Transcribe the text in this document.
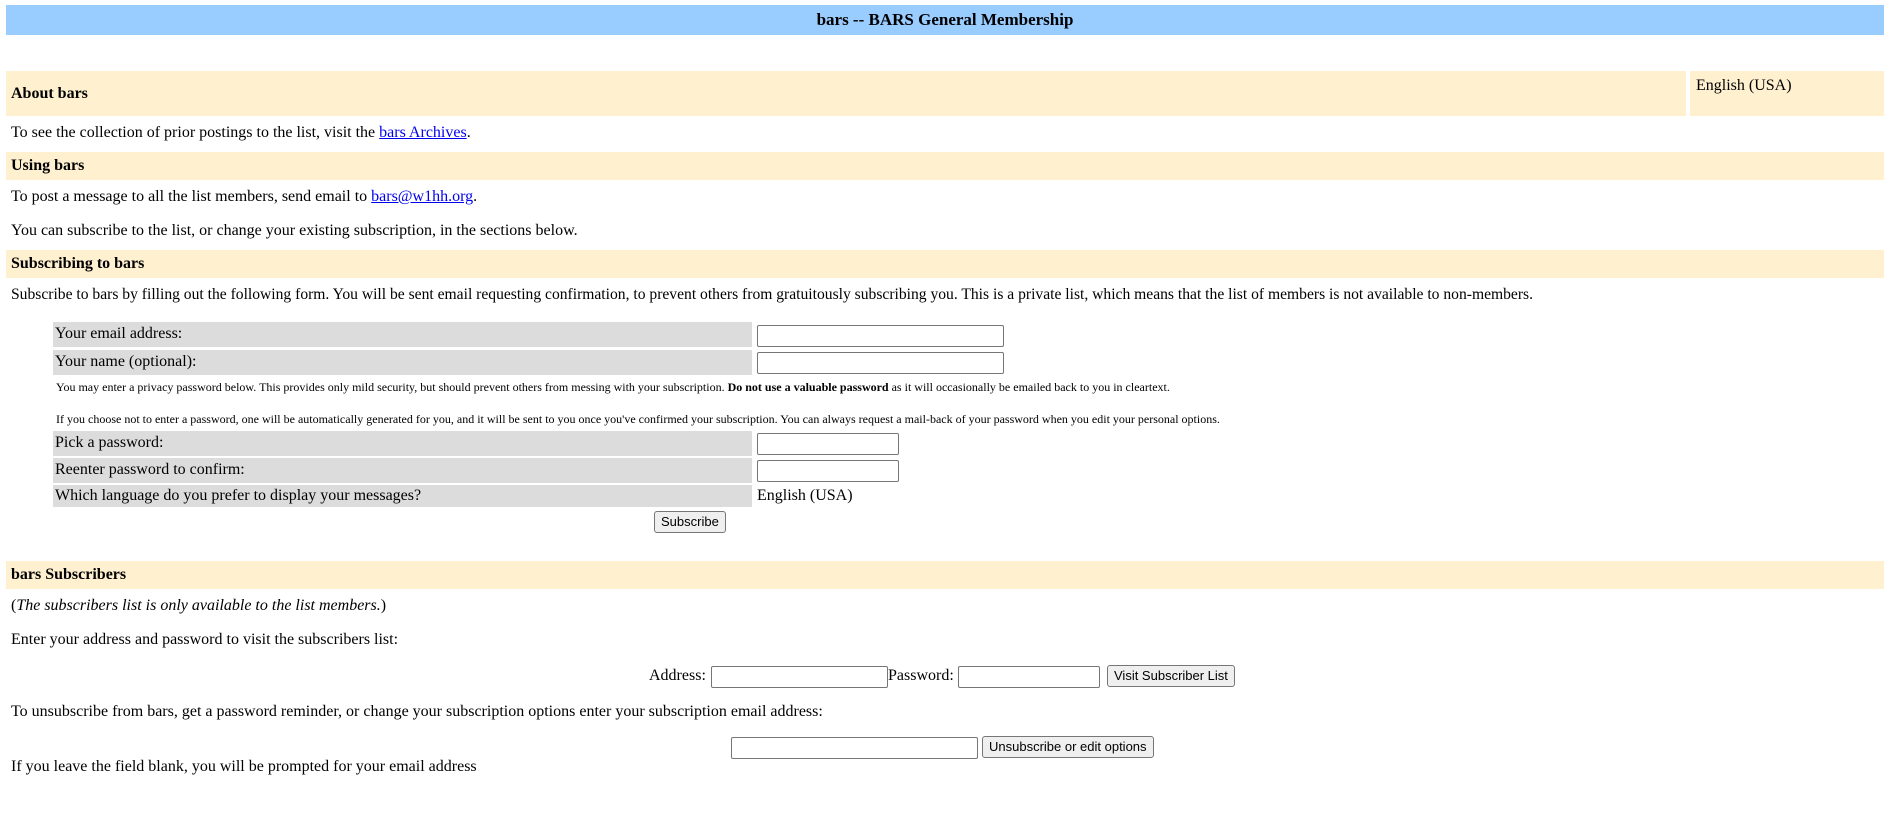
bars -- BARS General Membership
About bars	English (USA)
To see the collection of prior postings to the list, visit the bars Archives.
Using bars
To post a message to all the list members, send email to bars@w1hh.org.
You can subscribe to the list, or change your existing subscription, in the sections below.
Subscribing to bars
Subscribe to bars by filling out the following form. You will be sent email requesting confirmation, to prevent others from gratuitously subscribing you. This is a private list, which means that the list of members is not available to non-members.
Your email address:
Your name (optional):
You may enter a privacy password below. This provides only mild security, but should prevent others from messing with your subscription. Do not use a valuable password as it will occasionally be emailed back to you in cleartext.
If you choose not to enter a password, one will be automatically generated for you, and it will be sent to you once you've confirmed your subscription. You can always request a mail-back of your password when you edit your personal options.
Pick a password:
Reenter password to confirm:
Which language do you prefer to display your messages?	English (USA)
Subscribe
bars Subscribers
(The subscribers list is only available to the list members.)
Enter your address and password to visit the subscribers list:
Address:	Password:	Visit Subscriber List
To unsubscribe from bars, get a password reminder, or change your subscription options enter your subscription email address:
Unsubscribe or edit options
If you leave the field blank, you will be prompted for your email address
